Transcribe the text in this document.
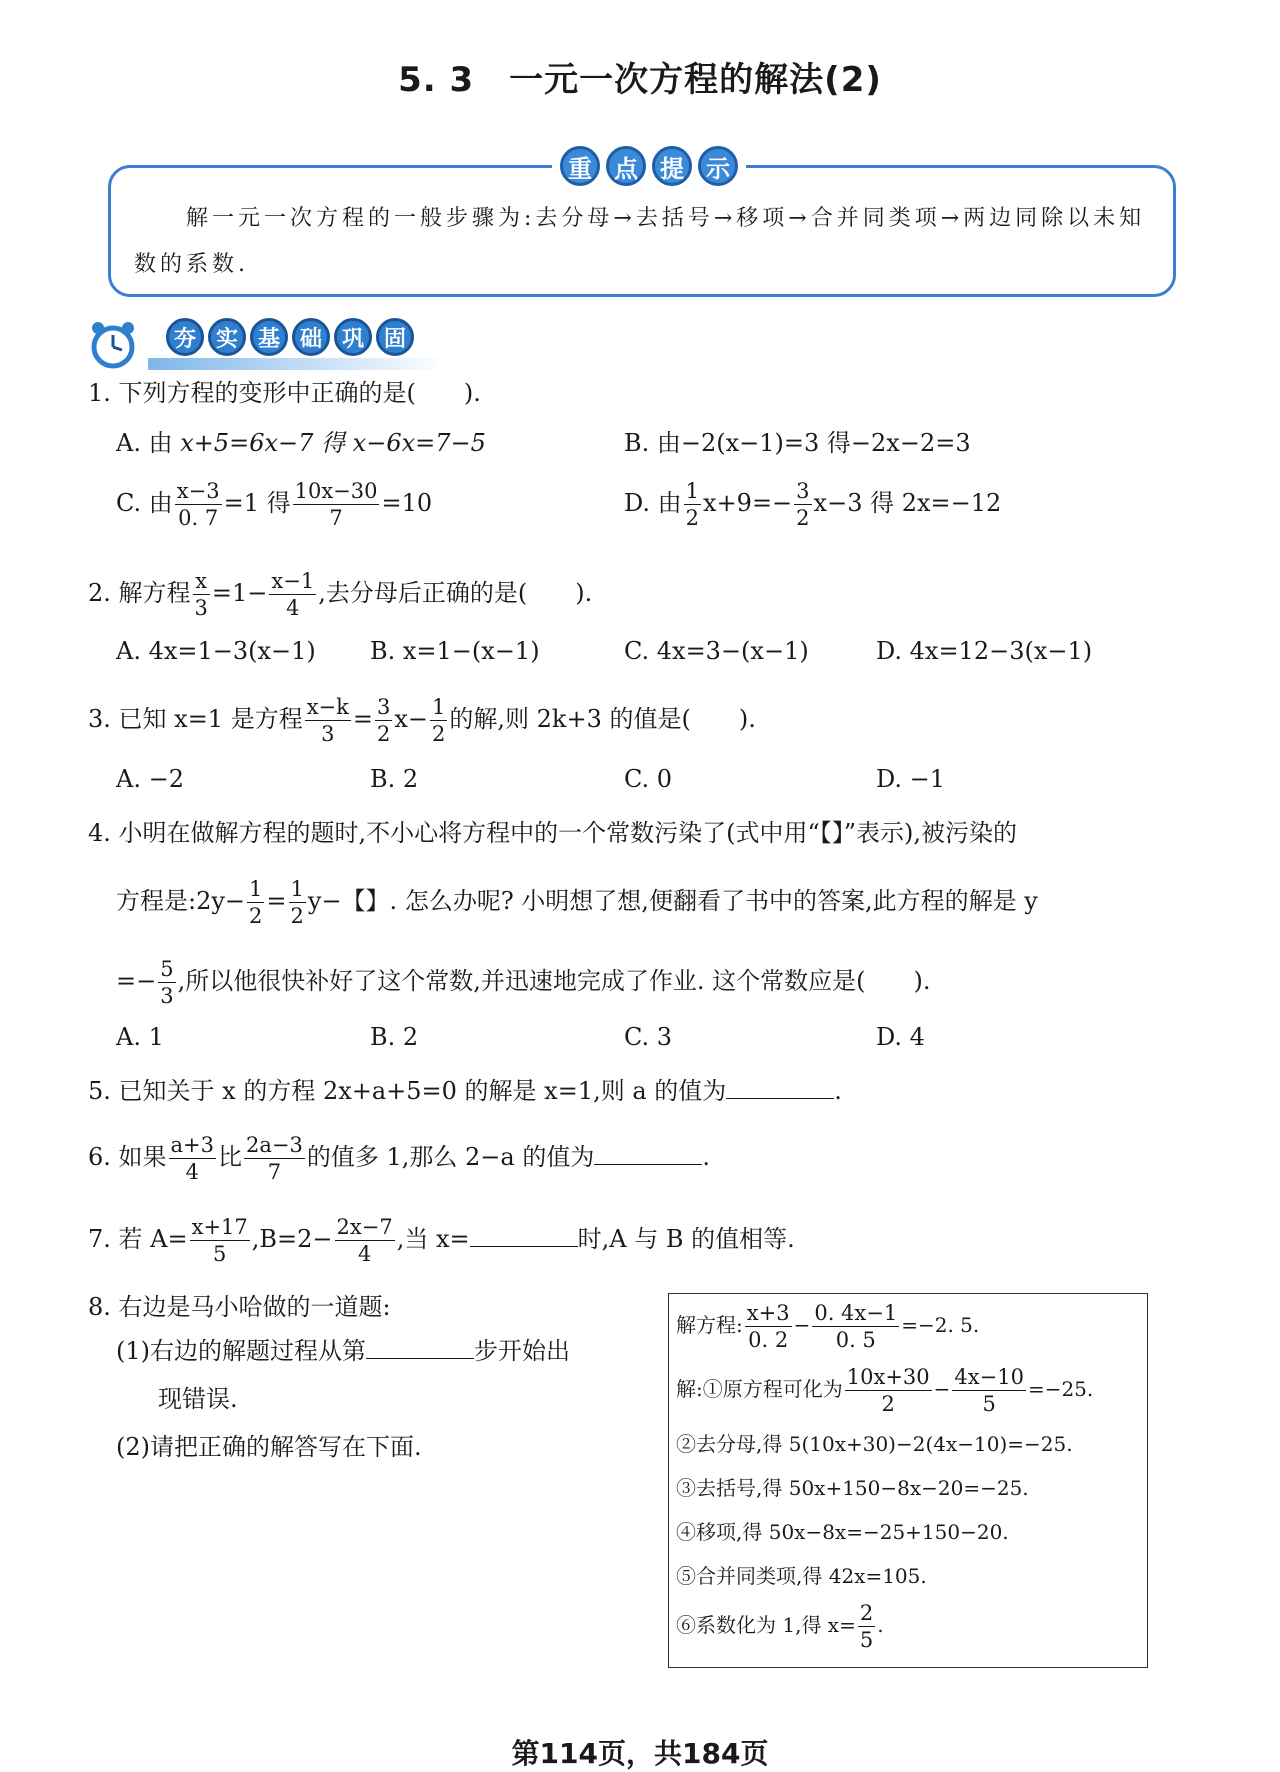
5. 3　一元一次方程的解法(2)
重 点 提 示
解一元一次方程的一般步骤为:去分母→去括号→移项→合并同类项→两边同除以未知数的系数.
夯 实 基 础 巩 固
1. 下列方程的变形中正确的是(　　).
A. 由 x+5=6x−7 得 x−6x=7−5	B. 由−2(x−1)=3 得−2x−2=3
C. 由 $\frac{x-3}{0. 7} =1$ 得 $\frac{10x-30}{7} =10$	D. 由 $\frac{1}{2} x+9=- \frac{3}{2} x-3$ 得 2x=−12
2. 解方程 $\frac{x}{3} =1- \frac{x-1}{4}$ ,去分母后正确的是(　　).
A. 4x=1−3(x−1) B. x=1−(x−1)	C. 4x=3−(x−1)	D. 4x=12−3(x−1)
3. 已知 x=1 是方程 $\frac{x-k}{3} = \frac{3}{2} x- \frac{1}{2}$ 的解,则 2k+3 的值是(　　).
A. −2	B. 2	C. 0	D. −1
4. 小明在做解方程的题时,不小心将方程中的一个常数污染了(式中用“【】”表示),被污染的
方程是:2y− $\frac{1}{2} = \frac{1}{2} y-$【】. 怎么办呢? 小明想了想,便翻看了书中的答案,此方程的解是 y
=− $\frac{5}{3}$ ,所以他很快补好了这个常数,并迅速地完成了作业. 这个常数应是(　　).
A. 1	B. 2	C. 3	D. 4
5. 已知关于 x 的方程 2x+a+5=0 的解是 x=1,则 a 的值为	.
6. 如果 $\frac{a+3}{4}$ 比 $\frac{2a-3}{7}$ 的值多 1,那么 2−a 的值为	.
7. 若 $A= \frac{x+17}{5} ,B=2- \frac{2x-7}{4}$ ,当 x=	时,A 与 B 的值相等.
8. 右边是马小哈做的一道题:
(1)右边的解题过程从第	步开始出
现错误.
(2)请把正确的解答写在下面.
解方程: $\frac{x+3}{0. 2} - \frac{0. 4x-1}{0. 5} =-2$. 5.
解:①原方程可化为 $\frac{10x+30}{2} - \frac{4x-10}{5} =-25$.
②去分母,得 5(10x+30)−2(4x−10)=−25.
③去括号,得 50x+150−8x−20=−25.
④移项,得 50x−8x=−25+150−20.
⑤合并同类项,得 42x=105.
⑥系数化为 1,得 $x= \frac{2}{5}$ .
第114页，共184页
